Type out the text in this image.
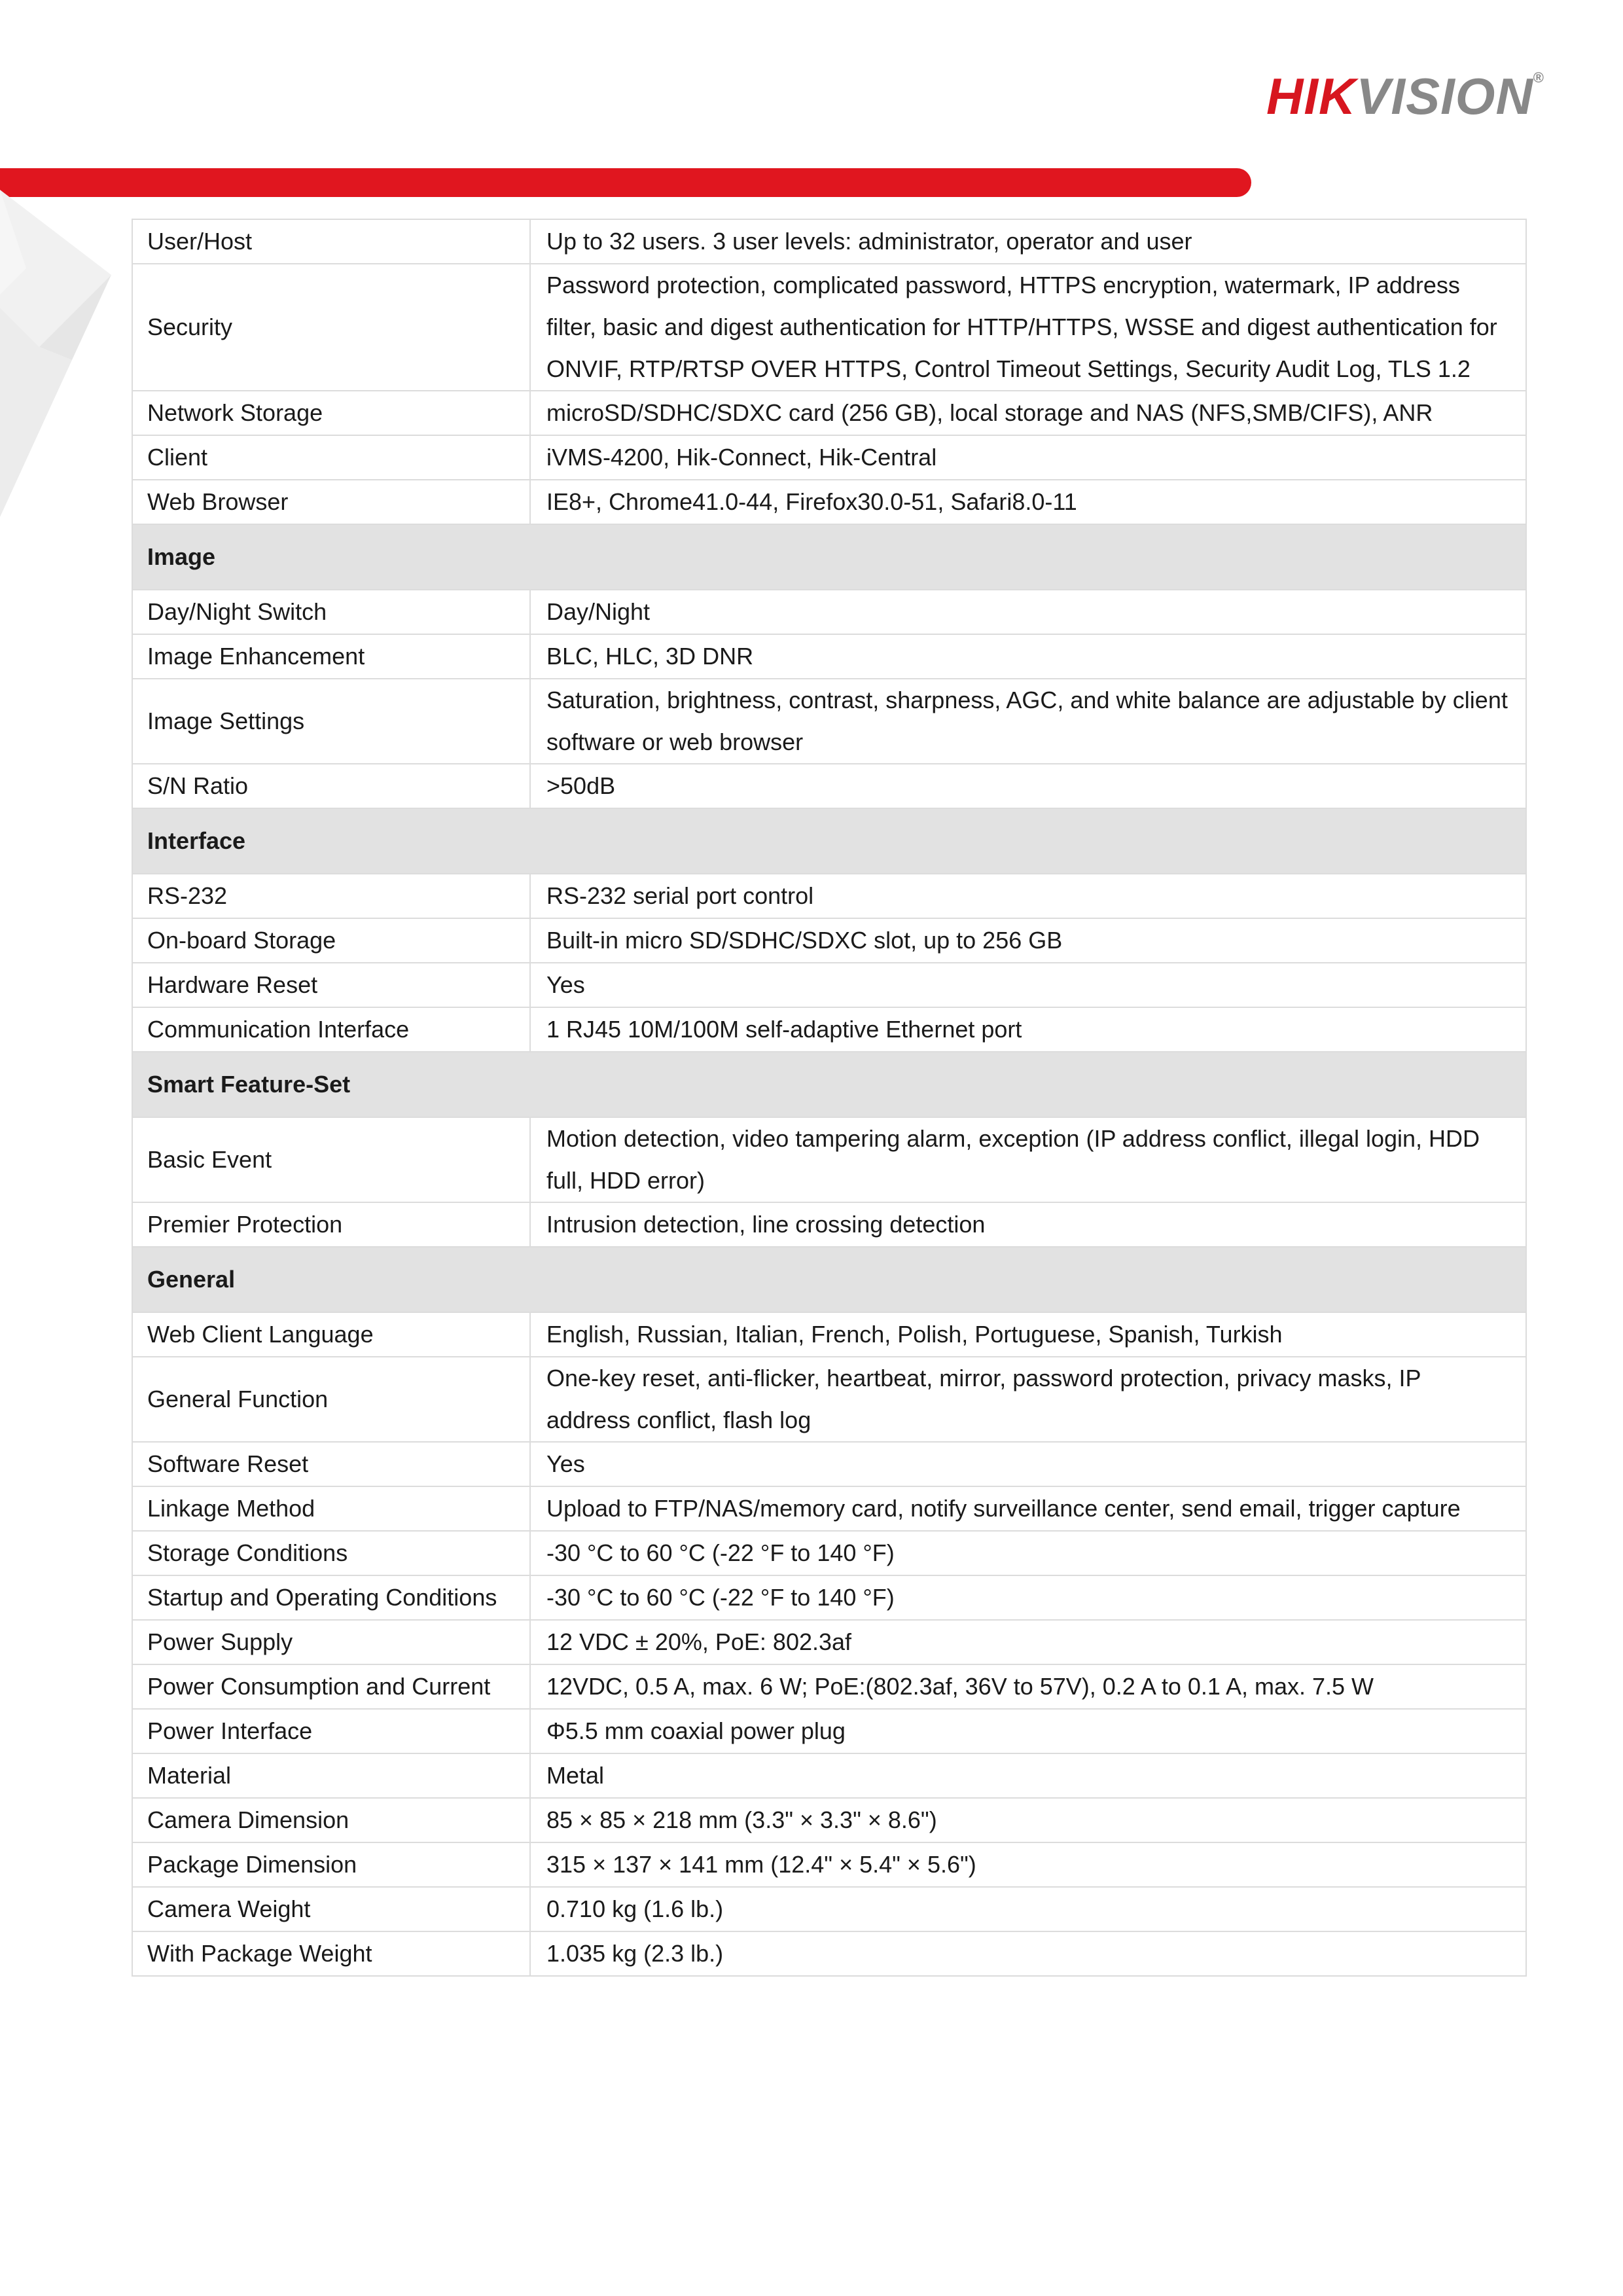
HIKVISION®
User/Host	Up to 32 users. 3 user levels: administrator, operator and user
Security	Password protection, complicated password, HTTPS encryption, watermark, IP address filter, basic and digest authentication for HTTP/HTTPS, WSSE and digest authentication for ONVIF, RTP/RTSP OVER HTTPS, Control Timeout Settings, Security Audit Log, TLS 1.2
Network Storage	microSD/SDHC/SDXC card (256 GB), local storage and NAS (NFS,SMB/CIFS), ANR
Client	iVMS-4200, Hik-Connect, Hik-Central
Web Browser	IE8+, Chrome41.0-44, Firefox30.0-51, Safari8.0-11
Image	
Day/Night Switch	Day/Night
Image Enhancement	BLC, HLC, 3D DNR
Image Settings	Saturation, brightness, contrast, sharpness, AGC, and white balance are adjustable by client software or web browser
S/N Ratio	>50dB
Interface	
RS-232	RS-232 serial port control
On-board Storage	Built-in micro SD/SDHC/SDXC slot, up to 256 GB
Hardware Reset	Yes
Communication Interface	1 RJ45 10M/100M self-adaptive Ethernet port
Smart Feature-Set	
Basic Event	Motion detection, video tampering alarm, exception (IP address conflict, illegal login, HDD full, HDD error)
Premier Protection	Intrusion detection, line crossing detection
General	
Web Client Language	English, Russian, Italian, French, Polish, Portuguese, Spanish, Turkish
General Function	One-key reset, anti-flicker, heartbeat, mirror, password protection, privacy masks, IP address conflict, flash log
Software Reset	Yes
Linkage Method	Upload to FTP/NAS/memory card, notify surveillance center, send email, trigger capture
Storage Conditions	-30 °C to 60 °C (-22 °F to 140 °F)
Startup and Operating Conditions	-30 °C to 60 °C (-22 °F to 140 °F)
Power Supply	12 VDC ± 20%, PoE: 802.3af
Power Consumption and Current	12VDC, 0.5 A, max. 6 W; PoE:(802.3af, 36V to 57V), 0.2 A to 0.1 A, max. 7.5 W
Power Interface	Φ5.5 mm coaxial power plug
Material	Metal
Camera Dimension	85 × 85 × 218 mm (3.3" × 3.3" × 8.6")
Package Dimension	315 × 137 × 141 mm (12.4" × 5.4" × 5.6")
Camera Weight	0.710 kg (1.6 lb.)
With Package Weight	1.035 kg (2.3 lb.)
